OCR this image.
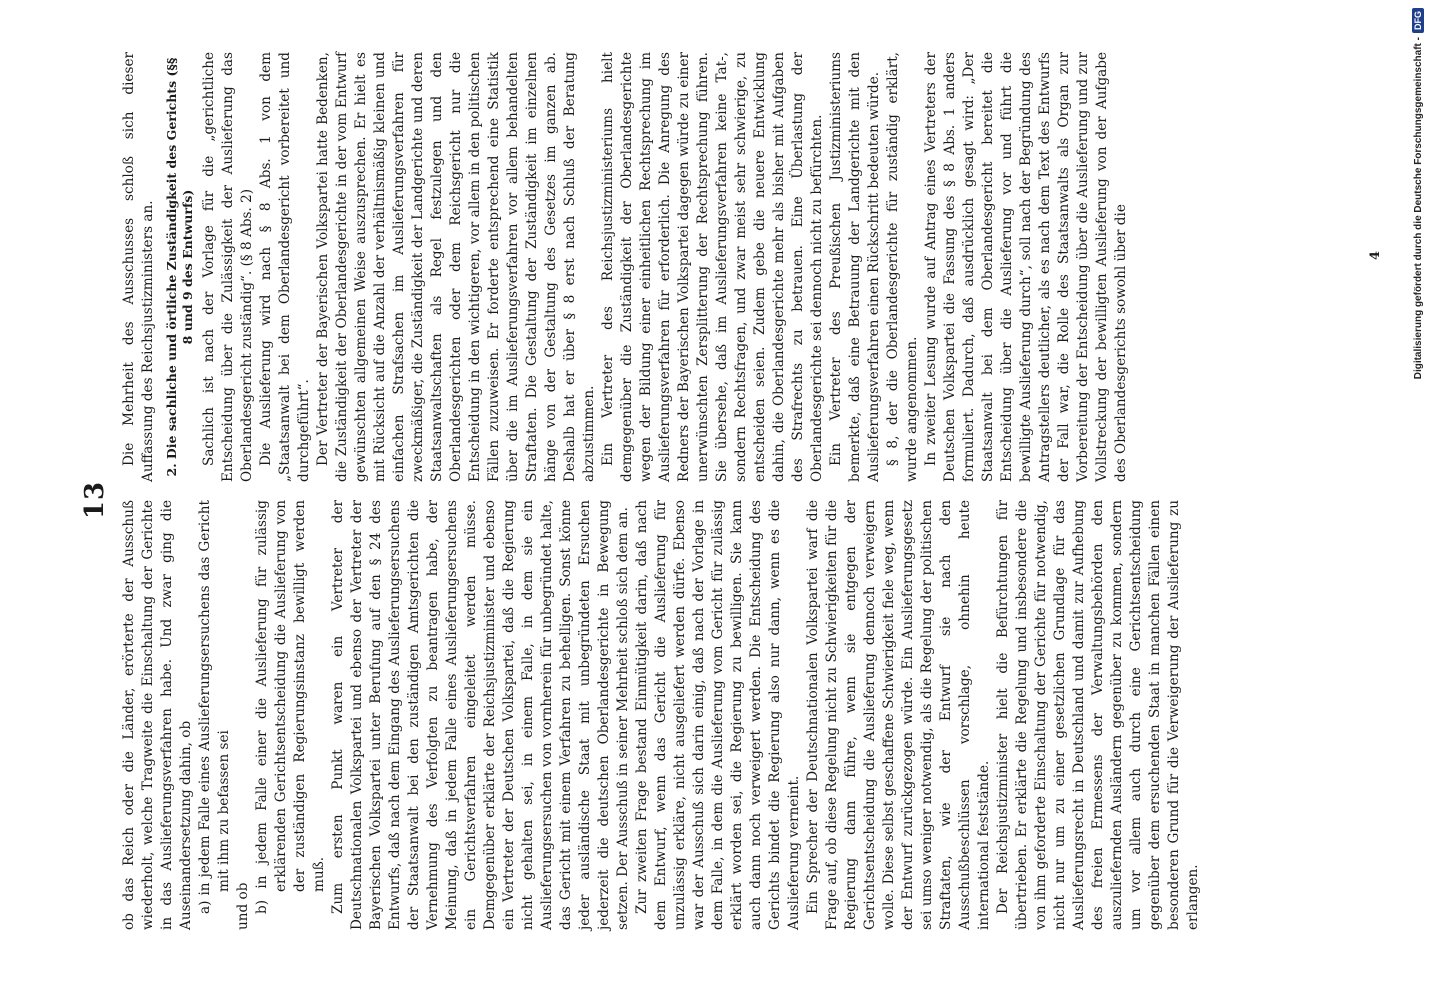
13 ob das Reich oder die Länder, erörterte der Ausschuß wiederholt, welche Tragweite die Einschaltung der Gerichte in das Auslieferungsverfahren habe. Und zwar ging die Auseinandersetzung dahin, ob a) in jedem Falle eines Auslieferungsersuchens das Gericht mit ihm zu befassen sei

und ob b) in jedem Falle einer die Auslieferung für zulässig erklärenden Gerichtsentscheidung die Auslieferung von der zuständigen Regierungsinstanz bewilligt werden muß. Zum ersten Punkt waren ein Vertreter der Deutschnationalen Volkspartei und ebenso der Vertreter der Bayerischen Volkspartei unter Berufung auf den § 24 des Entwurfs, daß nach dem Eingang des Auslieferungsersuchens der Staatsanwalt bei den zuständigen Amtsgerichten die Vernehmung des Verfolgten zu beantragen habe, der Meinung, daß in jedem Falle eines Auslieferungsersuchens ein Gerichtsverfahren eingeleitet werden müsse. Demgegenüber erklärte der Reichsjustizminister und ebenso ein Vertreter der Deutschen Volkspartei, daß die Regierung nicht gehalten sei, in einem Falle, in dem sie ein Auslieferungsersuchen von vornherein für unbegründet halte, das Gericht mit einem Verfahren zu behelligen. Sonst könne jeder ausländische Staat mit unbegründeten Ersuchen jederzeit die deutschen Oberlandesgerichte in Bewegung setzen. Der Ausschuß in seiner Mehrheit schloß sich dem an. Zur zweiten Frage bestand Einmütigkeit darin, daß nach dem Entwurf, wenn das Gericht die Auslieferung für unzulässig erkläre, nicht ausgeliefert werden dürfe. Ebenso war der Ausschuß sich darin einig, daß nach der Vorlage in dem Falle, in dem die Auslieferung vom Gericht für zulässig erklärt worden sei, die Regierung zu bewilligen. Sie kann auch dann noch verweigert werden. Die Entscheidung des Gerichts bindet die Regierung also nur dann, wenn es die Auslieferung verneint. Ein Sprecher der Deutschnationalen Volkspartei warf die Frage auf, ob diese Regelung nicht zu Schwierigkeiten für die Regierung dann führe, wenn sie entgegen der Gerichtsentscheidung die Auslieferung dennoch verweigern wolle. Diese selbst geschaffene Schwierigkeit fiele weg, wenn der Entwurf zurückgezogen würde. Ein Auslieferungsgesetz sei umso weniger notwendig, als die Regelung der politischen Straftaten, wie der Entwurf sie nach den Ausschußbeschlüssen vorschlage, ohnehin heute international feststände. Der Reichsjustizminister hielt die Befürchtungen für übertrieben. Er erklärte die Regelung und insbesondere die von ihm geforderte Einschaltung der Gerichte für notwendig, nicht nur um zu einer gesetzlichen Grundlage für das Auslieferungsrecht in Deutschland und damit zur Aufhebung des freien Ermessens der Verwaltungsbehörden den auszuliefernden Ausländern gegenüber zu kommen, sondern um vor allem auch durch eine Gerichtsentscheidung gegenüber dem ersuchenden Staat in manchen Fällen einen besonderen Grund für die Verweigerung der Auslieferung zu erlangen.

Die Mehrheit des Ausschusses schloß sich dieser Auffassung des Reichsjustizministers an. 2. Die sachliche und örtliche Zuständigkeit des Gerichts (§§ 8 und 9 des Entwurfs) Sachlich ist nach der Vorlage für die „gerichtliche Entscheidung über die Zulässigkeit der Auslieferung das Oberlandesgericht zuständig“. (§ 8 Abs. 2) Die Auslieferung wird nach § 8 Abs. 1 von dem „Staatsanwalt bei dem Oberlandesgericht vorbereitet und durchgeführt“. Der Vertreter der Bayerischen Volkspartei hatte Bedenken, die Zuständigkeit der Oberlandesgerichte in der vom Entwurf gewünschten allgemeinen Weise auszusprechen. Er hielt es mit Rücksicht auf die Anzahl der verhältnismäßig kleinen und einfachen Strafsachen im Auslieferungsverfahren für zweckmäßiger, die Zuständigkeit der Landgerichte und deren Staatsanwaltschaften als Regel festzulegen und den Oberlandesgerichten oder dem Reichsgericht nur die Entscheidung in den wichtigeren, vor allem in den politischen Fällen zuzuweisen. Er forderte entsprechend eine Statistik über die im Auslieferungsverfahren vor allem behandelten Straftaten. Die Gestaltung der Zuständigkeit im einzelnen hänge von der Gestaltung des Gesetzes im ganzen ab. Deshalb hat er über § 8 erst nach Schluß der Beratung abzustimmen. Ein Vertreter des Reichsjustizministeriums hielt demgegenüber die Zuständigkeit der Oberlandesgerichte wegen der Bildung einer einheitlichen Rechtsprechung im Auslieferungsverfahren für erforderlich. Die Anregung des Redners der Bayerischen Volkspartei dagegen würde zu einer unerwünschten Zersplitterung der Rechtsprechung führen. Sie übersehe, daß im Auslieferungsverfahren keine Tat-, sondern Rechtsfragen, und zwar meist sehr schwierige, zu entscheiden seien. Zudem gebe die neuere Entwicklung dahin, die Oberlandesgerichte mehr als bisher mit Aufgaben des Strafrechts zu betrauen. Eine Überlastung der Oberlandesgerichte sei dennoch nicht zu befürchten. Ein Vertreter des Preußischen Justizministeriums bemerkte, daß eine Betrauung der Landgerichte mit den Auslieferungsverfahren einen Rückschritt bedeuten würde. § 8, der die Oberlandesgerichte für zuständig erklärt, wurde angenommen. In zweiter Lesung wurde auf Antrag eines Vertreters der Deutschen Volkspartei die Fassung des § 8 Abs. 1 anders formuliert. Dadurch, daß ausdrücklich gesagt wird: „Der Staatsanwalt bei dem Oberlandesgericht bereitet die Entscheidung über die Auslieferung vor und führt die bewilligte Auslieferung durch“, soll nach der Begründung des Antragstellers deutlicher, als es nach dem Text des Entwurfs der Fall war, die Rolle des Staatsanwalts als Organ zur Vorbereitung der Entscheidung über die Auslieferung und zur Vollstreckung der bewilligten Auslieferung von der Aufgabe des Oberlandesgerichts sowohl über die	4	Digitalisierung gefördert durch die Deutsche Forschungsgemeinschaft -
DFG
